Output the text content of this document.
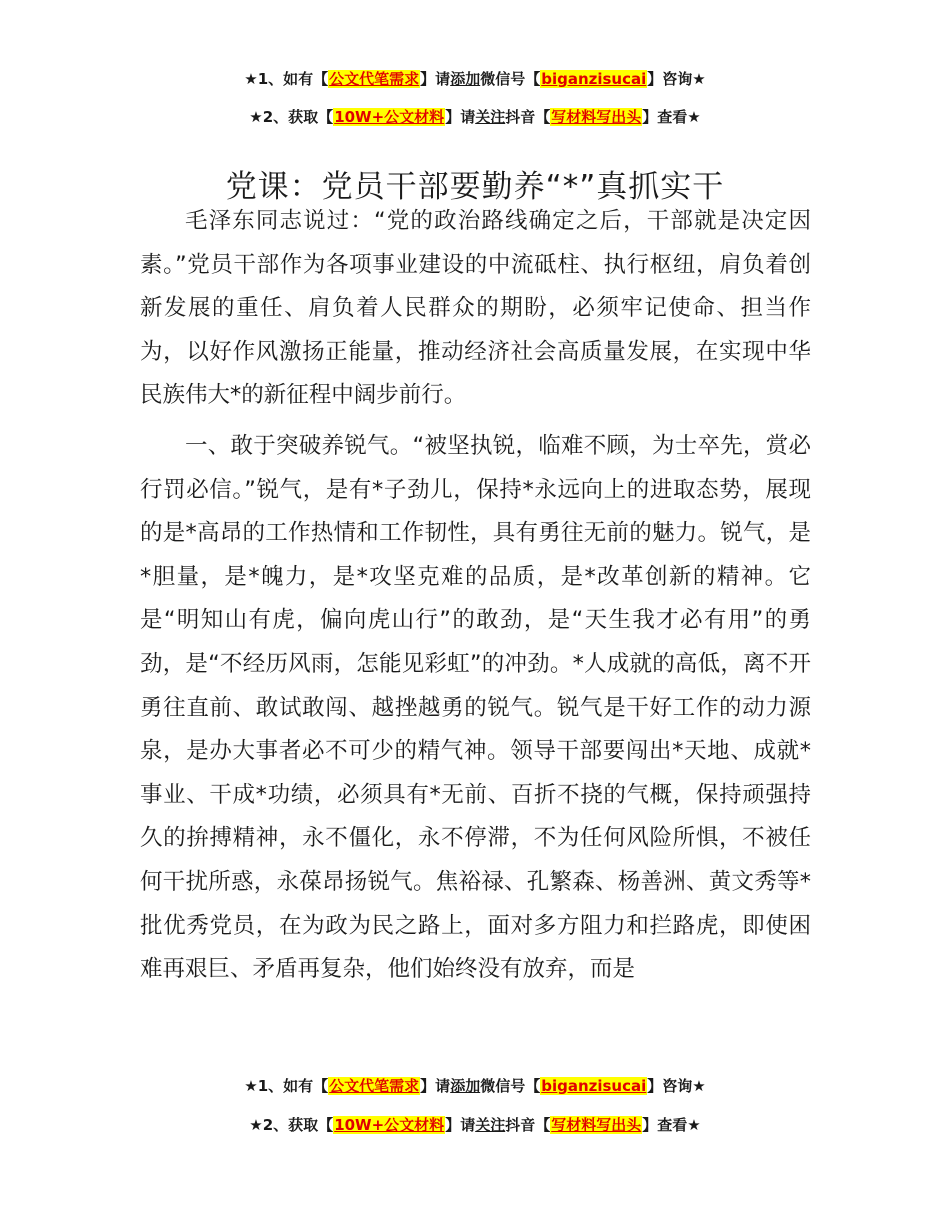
★1、如有【公文代笔需求】请添加微信号【biganzisucai】咨询★
★2、获取【10W+公文材料】请关注抖音【写材料写出头】查看★
党课：党员干部要勤养“*”真抓实干

毛泽东同志说过：“党的政治路线确定之后，干部就是决定因素。”党员干部作为各项事业建设的中流砥柱、执行枢纽，肩负着创新发展的重任、肩负着人民群众的期盼，必须牢记使命、担当作为，以好作风激扬正能量，推动经济社会高质量发展，在实现中华民族伟大*的新征程中阔步前行。

一、敢于突破养锐气。“被坚执锐，临难不顾，为士卒先，赏必行罚必信。”锐气，是有*子劲儿，保持*永远向上的进取态势，展现的是*高昂的工作热情和工作韧性，具有勇往无前的魅力。锐气，是*胆量，是*魄力，是*攻坚克难的品质，是*改革创新的精神。它是“明知山有虎，偏向虎山行”的敢劲，是“天生我才必有用”的勇劲，是“不经历风雨，怎能见彩虹”的冲劲。*人成就的高低，离不开勇往直前、敢试敢闯、越挫越勇的锐气。锐气是干好工作的动力源泉，是办大事者必不可少的精气神。领导干部要闯出*天地、成就*事业、干成*功绩，必须具有*无前、百折不挠的气概，保持顽强持久的拚搏精神，永不僵化，永不停滞，不为任何风险所惧，不被任何干扰所惑，永葆昂扬锐气。焦裕禄、孔繁森、杨善洲、黄文秀等*批优秀党员，在为政为民之路上，面对多方阻力和拦路虎，即使困难再艰巨、矛盾再复杂，他们始终没有放弃，而是

★1、如有【公文代笔需求】请添加微信号【biganzisucai】咨询★
★2、获取【10W+公文材料】请关注抖音【写材料写出头】查看★
